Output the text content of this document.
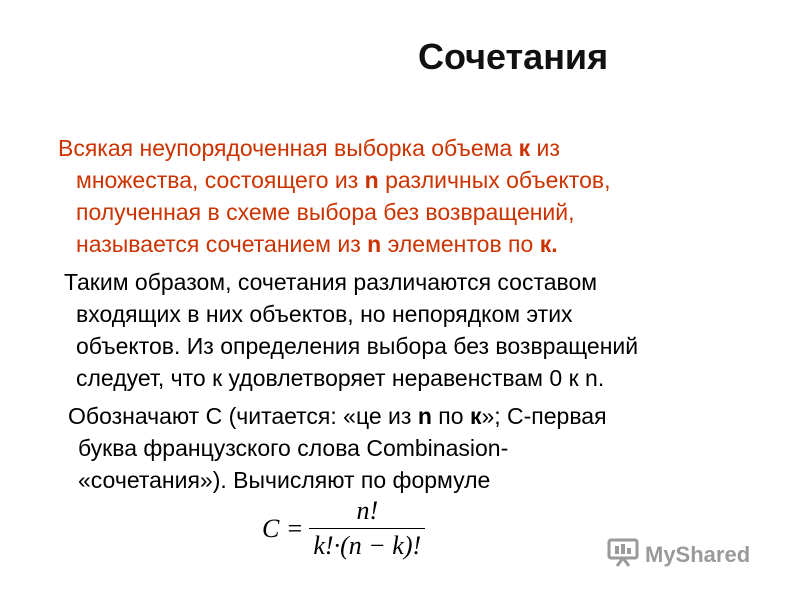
Сочетания
Всякая неупорядоченная выборка объема к из
множества, состоящего из n различных объектов,
полученная в схеме выбора без возвращений,
называется сочетанием из n элементов по к.
Таким образом, сочетания различаются составом
входящих в них объектов, но непорядком этих
объектов. Из определения выбора без возвращений
следует, что к удовлетворяет неравенствам 0 к n.
Обозначают С (читается: «це из n по к»; С-первая
буква французского слова Combinasion-
«сочетания»). Вычисляют по формуле
$C = \frac{n!}{k!\cdot(n - k)!}$	MyShared
